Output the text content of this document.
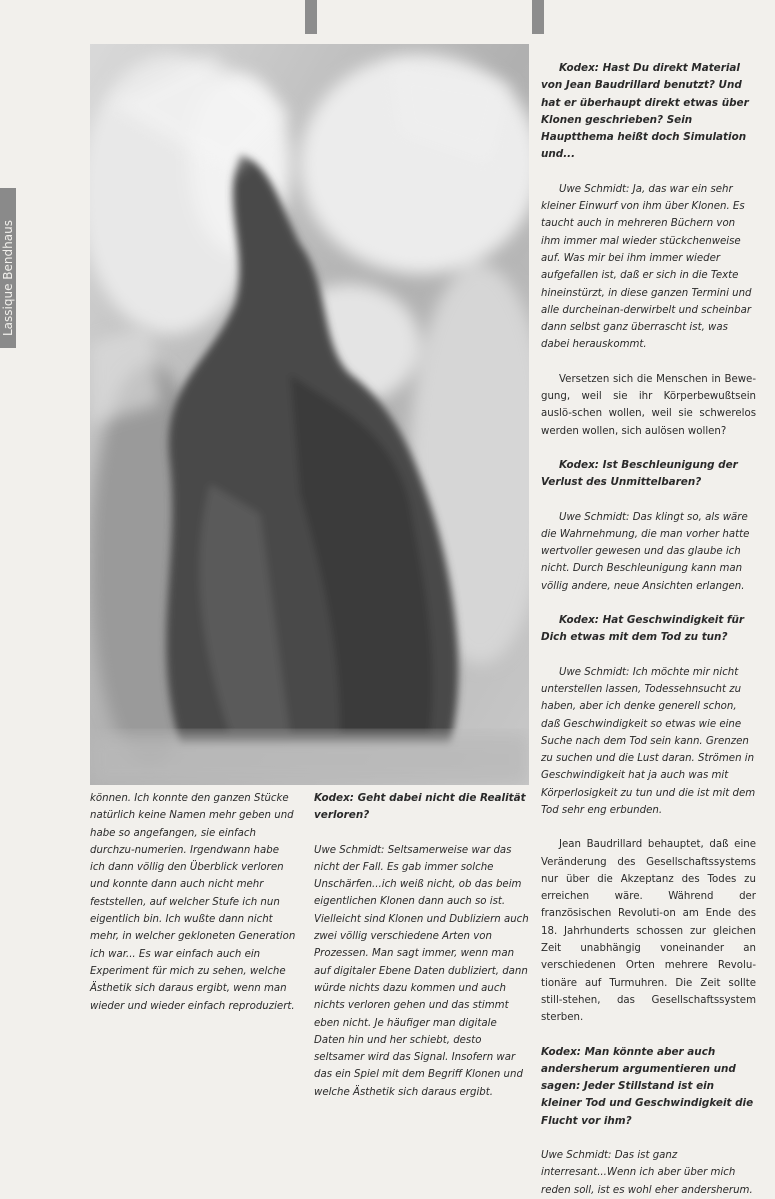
Lassique Bendhaus

können. Ich konnte den ganzen Stücke natürlich keine Namen mehr geben und habe so angefangen, sie einfach durchzu-numerien. Irgendwann habe ich dann völlig den Überblick verloren und konnte dann auch nicht mehr feststellen, auf welcher Stufe ich nun eigentlich bin. Ich wußte dann nicht mehr, in welcher gekloneten Generation ich war... Es war einfach auch ein Experiment für mich zu sehen, welche Ästhetik sich daraus ergibt, wenn man wieder und wieder einfach reproduziert.

Kodex: Geht dabei nicht die Realität verloren?

Uwe Schmidt: Seltsamerweise war das nicht der Fall. Es gab immer solche Unschärfen...ich weiß nicht, ob das beim eigentlichen Klonen dann auch so ist. Vielleicht sind Klonen und Dubliziern auch zwei völlig verschiedene Arten von Prozessen. Man sagt immer, wenn man auf digitaler Ebene Daten dubliziert, dann würde nichts dazu kommen und auch nichts verloren gehen und das stimmt eben nicht. Je häufiger man digitale Daten hin und her schiebt, desto seltsamer wird das Signal. Insofern war das ein Spiel mit dem Begriff Klonen und welche Ästhetik sich daraus ergibt.

Kodex: Hast Du direkt Material von Jean Baudrillard benutzt? Und hat er überhaupt direkt etwas über Klonen geschrieben? Sein Hauptthema heißt doch Simulation und...

Uwe Schmidt: Ja, das war ein sehr kleiner Einwurf von ihm über Klonen. Es taucht auch in mehreren Büchern von ihm immer mal wieder stückchenweise auf. Was mir bei ihm immer wieder aufgefallen ist, daß er sich in die Texte hineinstürzt, in diese ganzen Termini und alle durcheinan-derwirbelt und scheinbar dann selbst ganz überrascht ist, was dabei herauskommt.

Versetzen sich die Menschen in Bewe-gung, weil sie ihr Körperbewußtsein auslö-schen wollen, weil sie schwerelos werden wollen, sich aulösen wollen?

Kodex: Ist Beschleunigung der Verlust des Unmittelbaren?

Uwe Schmidt: Das klingt so, als wäre die Wahrnehmung, die man vorher hatte wertvoller gewesen und das glaube ich nicht. Durch Beschleunigung kann man völlig andere, neue Ansichten erlangen.

Kodex: Hat Geschwindigkeit für Dich etwas mit dem Tod zu tun?

Uwe Schmidt: Ich möchte mir nicht unterstellen lassen, Todessehnsucht zu haben, aber ich denke generell schon, daß Geschwindigkeit so etwas wie eine Suche nach dem Tod sein kann. Grenzen zu suchen und die Lust daran. Strömen in Geschwindigkeit hat ja auch was mit Körperlosigkeit zu tun und die ist mit dem Tod sehr eng erbunden.

Jean Baudrillard behauptet, daß eine Veränderung des Gesellschaftssystems nur über die Akzeptanz des Todes zu erreichen wäre. Während der französischen Revoluti-on am Ende des 18. Jahrhunderts schossen zur gleichen Zeit unabhängig voneinander an verschiedenen Orten mehrere Revolu-tionäre auf Turmuhren. Die Zeit sollte still-stehen, das Gesellschaftssystem sterben.

Kodex: Man könnte aber auch andersherum argumentieren und sagen: Jeder Stillstand ist ein kleiner Tod und Geschwindigkeit die Flucht vor ihm?

Uwe Schmidt: Das ist ganz interresant...Wenn ich aber über mich reden soll, ist es wohl eher andersherum.
